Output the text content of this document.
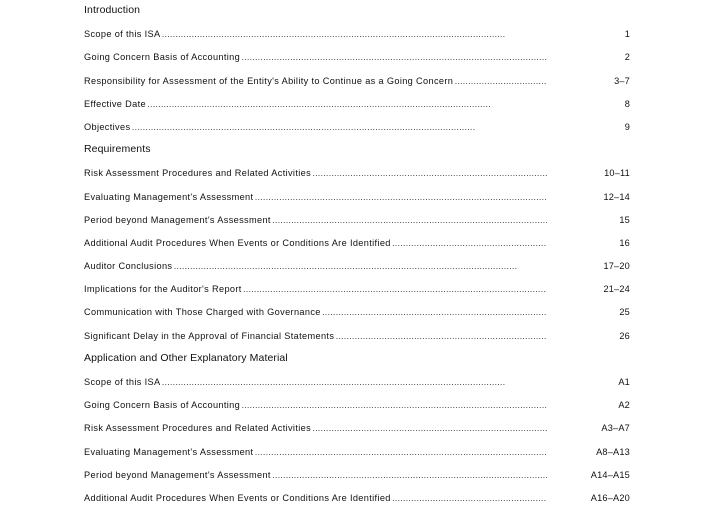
Introduction
Scope of this ISA . . .	1
Going Concern Basis of Accounting . . .	2
Responsibility for Assessment of the Entity's Ability to Continue as a Going Concern . . .	3–7
Effective Date . . .	8
Objectives . . .	9
Requirements
Risk Assessment Procedures and Related Activities . . .	10–11
Evaluating Management's Assessment . . .	12–14
Period beyond Management's Assessment . . .	15
Additional Audit Procedures When Events or Conditions Are Identified . . .	16
Auditor Conclusions . . .	17–20
Implications for the Auditor's Report . . .	21–24
Communication with Those Charged with Governance . . .	25
Significant Delay in the Approval of Financial Statements . . .	26
Application and Other Explanatory Material
Scope of this ISA . . .	A1
Going Concern Basis of Accounting . . .	A2
Risk Assessment Procedures and Related Activities . . .	A3–A7
Evaluating Management's Assessment . . .	A8–A13
Period beyond Management's Assessment . . .	A14–A15
Additional Audit Procedures When Events or Conditions Are Identified . . .	A16–A20
